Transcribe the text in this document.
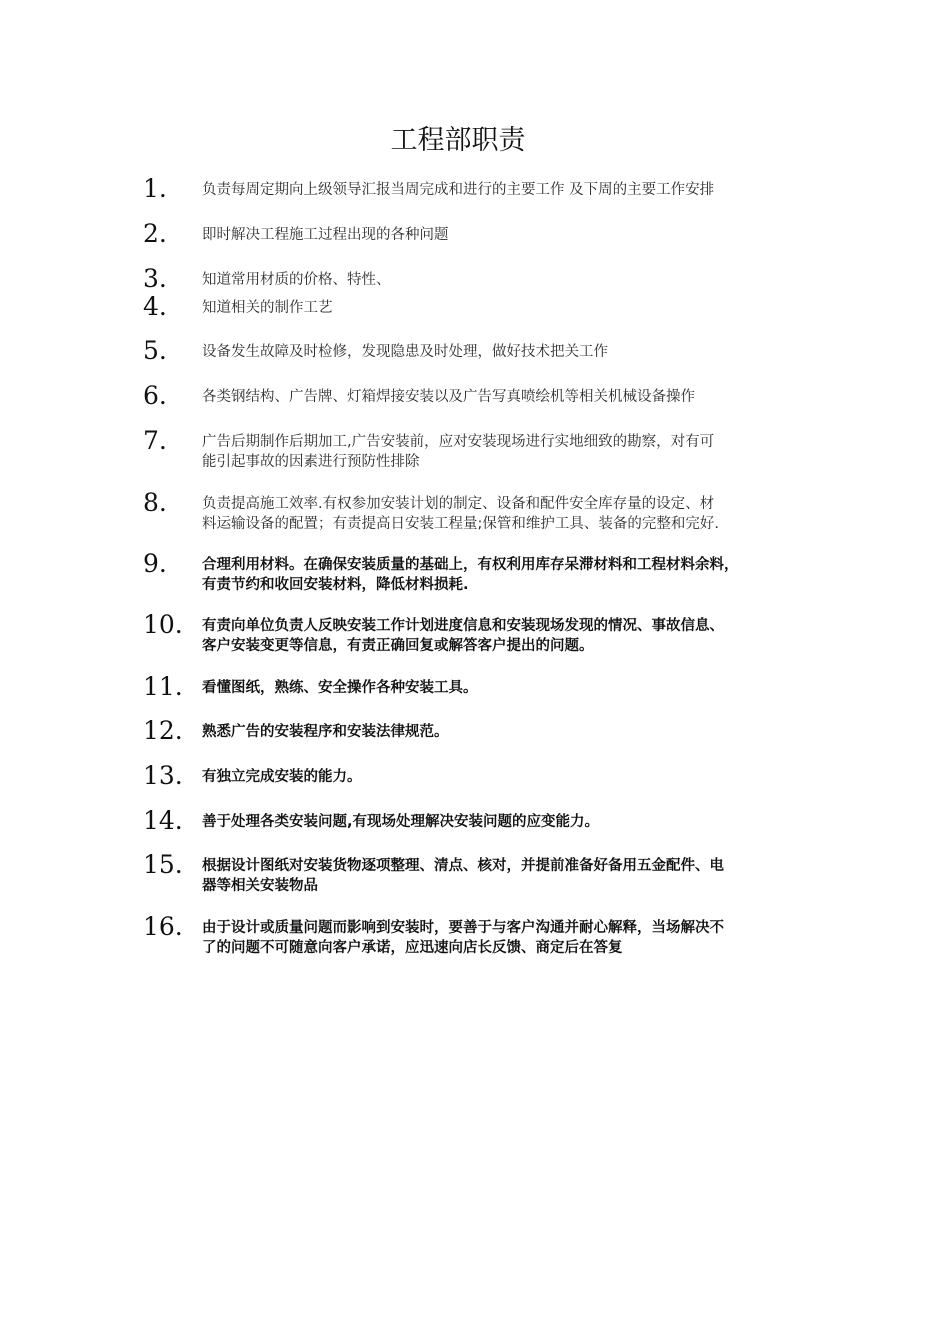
工程部职责
1. 负责每周定期向上级领导汇报当周完成和进行的主要工作 及下周的主要工作安排
2. 即时解决工程施工过程出现的各种问题
3. 知道常用材质的价格、特性、
4. 知道相关的制作工艺
5. 设备发生故障及时检修，发现隐患及时处理，做好技术把关工作
6. 各类钢结构、广告牌、灯箱焊接安装以及广告写真喷绘机等相关机械设备操作
7. 广告后期制作后期加工,广告安装前，应对安装现场进行实地细致的勘察，对有可
能引起事故的因素进行预防性排除
8. 负责提高施工效率.有权参加安装计划的制定、设备和配件安全库存量的设定、材
料运输设备的配置；有责提高日安装工程量;保管和维护工具、装备的完整和完好.
9. 合理利用材料。在确保安装质量的基础上，有权利用库存呆滞材料和工程材料余料，
有责节约和收回安装材料，降低材料损耗.
10. 有责向单位负责人反映安装工作计划进度信息和安装现场发现的情况、事故信息、
客户安装变更等信息，有责正确回复或解答客户提出的问题。
11. 看懂图纸，熟练、安全操作各种安装工具。
12. 熟悉广告的安装程序和安装法律规范。
13. 有独立完成安装的能力。
14. 善于处理各类安装问题,有现场处理解决安装问题的应变能力。
15. 根据设计图纸对安装货物逐项整理、清点、核对，并提前准备好备用五金配件、电
器等相关安装物品
16. 由于设计或质量问题而影响到安装时，要善于与客户沟通并耐心解释，当场解决不
了的问题不可随意向客户承诺，应迅速向店长反馈、商定后在答复
